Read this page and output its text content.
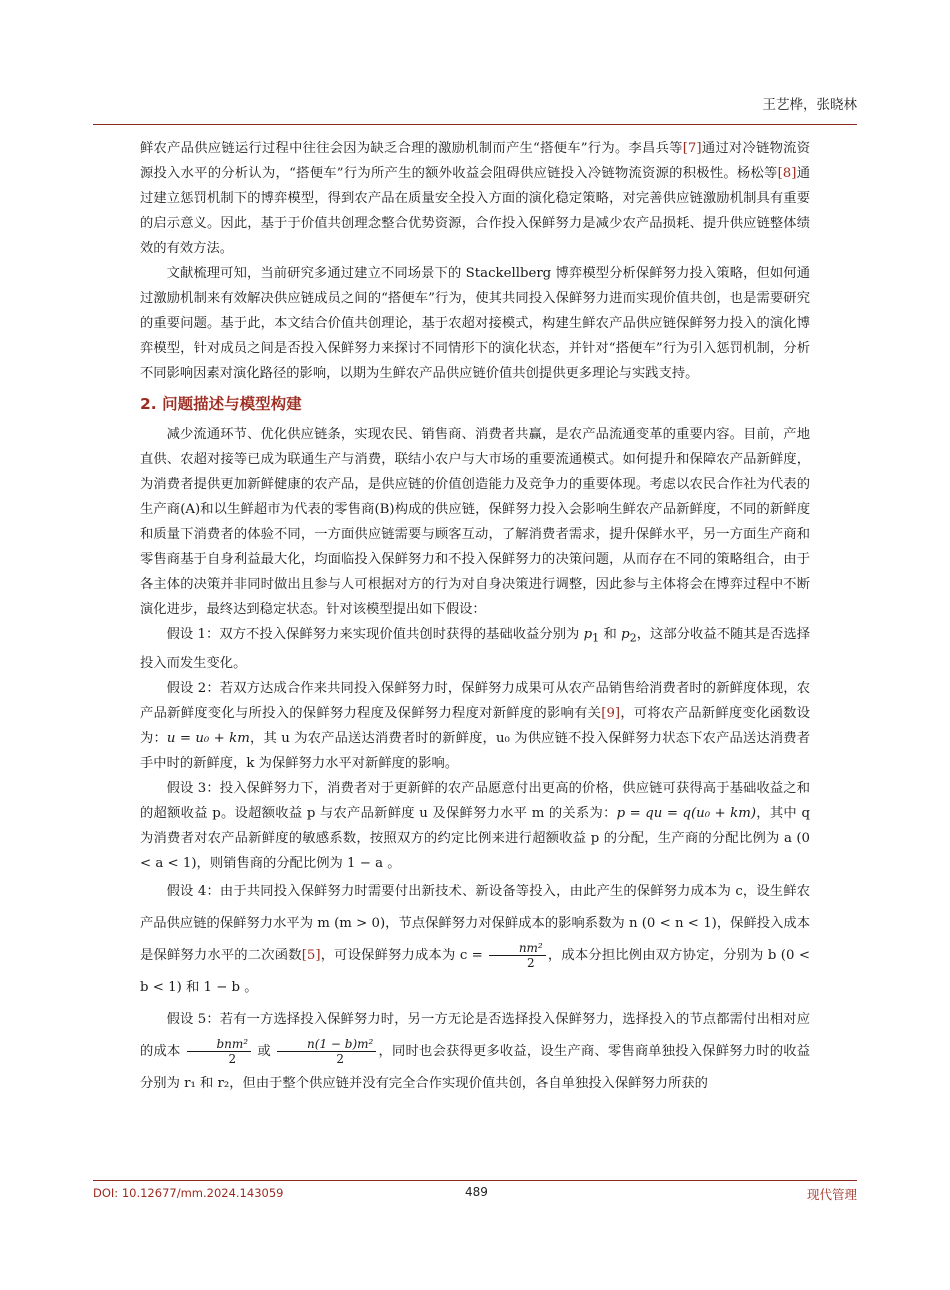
王艺桦，张晓林

鲜农产品供应链运行过程中往往会因为缺乏合理的激励机制而产生“搭便车”行为。李昌兵等[7]通过对冷链物流资源投入水平的分析认为，“搭便车”行为所产生的额外收益会阻碍供应链投入冷链物流资源的积极性。杨松等[8]通过建立惩罚机制下的博弈模型，得到农产品在质量安全投入方面的演化稳定策略，对完善供应链激励机制具有重要的启示意义。因此，基于于价值共创理念整合优势资源，合作投入保鲜努力是减少农产品损耗、提升供应链整体绩效的有效方法。

文献梳理可知，当前研究多通过建立不同场景下的 Stackellberg 博弈模型分析保鲜努力投入策略，但如何通过激励机制来有效解决供应链成员之间的“搭便车”行为，使其共同投入保鲜努力进而实现价值共创，也是需要研究的重要问题。基于此，本文结合价值共创理论，基于农超对接模式，构建生鲜农产品供应链保鲜努力投入的演化博弈模型，针对成员之间是否投入保鲜努力来探讨不同情形下的演化状态，并针对“搭便车”行为引入惩罚机制，分析不同影响因素对演化路径的影响，以期为生鲜农产品供应链价值共创提供更多理论与实践支持。

2. 问题描述与模型构建

减少流通环节、优化供应链条，实现农民、销售商、消费者共赢，是农产品流通变革的重要内容。目前，产地直供、农超对接等已成为联通生产与消费，联结小农户与大市场的重要流通模式。如何提升和保障农产品新鲜度，为消费者提供更加新鲜健康的农产品，是供应链的价值创造能力及竞争力的重要体现。考虑以农民合作社为代表的生产商(A)和以生鲜超市为代表的零售商(B)构成的供应链，保鲜努力投入会影响生鲜农产品新鲜度，不同的新鲜度和质量下消费者的体验不同，一方面供应链需要与顾客互动，了解消费者需求，提升保鲜水平，另一方面生产商和零售商基于自身利益最大化，均面临投入保鲜努力和不投入保鲜努力的决策问题，从而存在不同的策略组合，由于各主体的决策并非同时做出且参与人可根据对方的行为对自身决策进行调整，因此参与主体将会在博弈过程中不断演化进步，最终达到稳定状态。针对该模型提出如下假设：

假设 1：双方不投入保鲜努力来实现价值共创时获得的基础收益分别为 $p_1$ 和 $p_2$，这部分收益不随其是否选择投入而发生变化。

假设 2：若双方达成合作来共同投入保鲜努力时，保鲜努力成果可从农产品销售给消费者时的新鲜度体现，农产品新鲜度变化与所投入的保鲜努力程度及保鲜努力程度对新鲜度的影响有关[9]，可将农产品新鲜度变化函数设为：u = u₀ + km，其 u 为农产品送达消费者时的新鲜度，u₀ 为供应链不投入保鲜努力状态下农产品送达消费者手中时的新鲜度，k 为保鲜努力水平对新鲜度的影响。

假设 3：投入保鲜努力下，消费者对于更新鲜的农产品愿意付出更高的价格，供应链可获得高于基础收益之和的超额收益 p。设超额收益 p 与农产品新鲜度 u 及保鲜努力水平 m 的关系为：p = qu = q(u₀ + km)，其中 q 为消费者对农产品新鲜度的敏感系数，按照双方的约定比例来进行超额收益 p 的分配，生产商的分配比例为 a (0 < a < 1)，则销售商的分配比例为 1 − a 。

假设 4：由于共同投入保鲜努力时需要付出新技术、新设备等投入，由此产生的保鲜努力成本为 c，设生鲜农产品供应链的保鲜努力水平为 m (m > 0)，节点保鲜努力对保鲜成本的影响系数为 n (0 < n < 1)，保鲜投入成本是保鲜努力水平的二次函数[5]，可设保鲜努力成本为 $c = \frac{\text{nm²}}{2}$ ，成本分担比例由双方协定，分别为 b (0 < b < 1) 和 1 − b 。

假设 5：若有一方选择投入保鲜努力时，另一方无论是否选择投入保鲜努力，选择投入的节点都需付出相对应的成本 $\frac{\text{bnm²}}{2}$ 或 $\frac{\text{n(1 − b)m²}}{2}$ ，同时也会获得更多收益，设生产商、零售商单独投入保鲜努力时的收益分别为 r₁ 和 r₂，但由于整个供应链并没有完全合作实现价值共创，各自单独投入保鲜努力所获的

DOI: 10.12677/mm.2024.143059	489	现代管理
